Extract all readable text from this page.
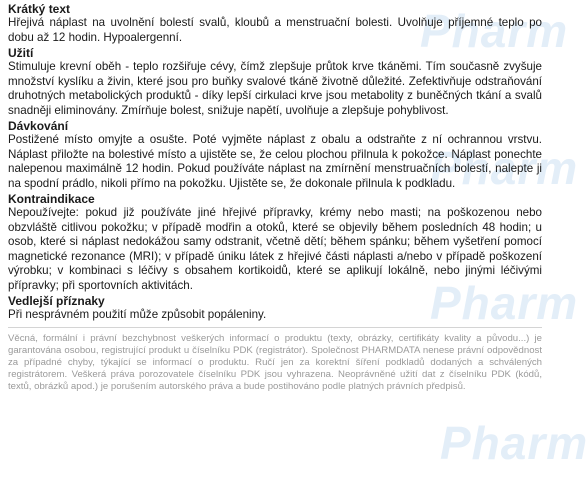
Pharm
Pharm
Pharm
Pharm
Krátký text

Hřejivá náplast na uvolnění bolestí svalů, kloubů a menstruační bolesti. Uvolňuje příjemné teplo po dobu až 12 hodin. Hypoalergenní.

Užití

Stimuluje krevní oběh - teplo rozšiřuje cévy, čímž zlepšuje průtok krve tkáněmi. Tím současně zvyšuje množství kyslíku a živin, které jsou pro buňky svalové tkáně životně důležité. Zefektivňuje odstraňování druhotných metabolických produktů - díky lepší cirkulaci krve jsou metabolity z buněčných tkání a svalů snadněji eliminovány. Zmírňuje bolest, snižuje napětí, uvolňuje a zlepšuje pohyblivost.

Dávkování

Postižené místo omyjte a osušte. Poté vyjměte náplast z obalu a odstraňte z ní ochrannou vrstvu. Náplast přiložte na bolestivé místo a ujistěte se, že celou plochou přilnula k pokožce. Náplast ponechte nalepenou maximálně 12 hodin. Pokud používáte náplast na zmírnění menstruačních bolestí, nalepte ji na spodní prádlo, nikoli přímo na pokožku. Ujistěte se, že dokonale přilnula k podkladu.

Kontraindikace

Nepoužívejte: pokud již používáte jiné hřejivé přípravky, krémy nebo masti; na poškozenou nebo obzvláště citlivou pokožku; v případě modřin a otoků, které se objevily během posledních 48 hodin; u osob, které si náplast nedokážou samy odstranit, včetně dětí; během spánku; během vyšetření pomocí magnetické rezonance (MRI); v případě úniku látek z hřejivé části náplasti a/nebo v případě poškození výrobku; v kombinaci s léčivy s obsahem kortikoidů, které se aplikují lokálně, nebo jinými léčivými přípravky; při sportovních aktivitách.

Vedlejší příznaky

Při nesprávném použití může způsobit popáleniny.

Věcná, formální i právní bezchybnost veškerých informací o produktu (texty, obrázky, certifikáty kvality a původu...) je garantována osobou, registrující produkt u číselníku PDK (registrátor). Společnost PHARMDATA nenese právní odpovědnost za případné chyby, týkající se informací o produktu. Ručí jen za korektní šíření podkladů dodaných a schválených registrátorem. Veškerá práva porozovatele číselníku PDK jsou vyhrazena. Neoprávněné užití dat z číselníku PDK (kódů, textů, obrázků apod.) je porušením autorského práva a bude postihováno podle platných právních předpisů.
